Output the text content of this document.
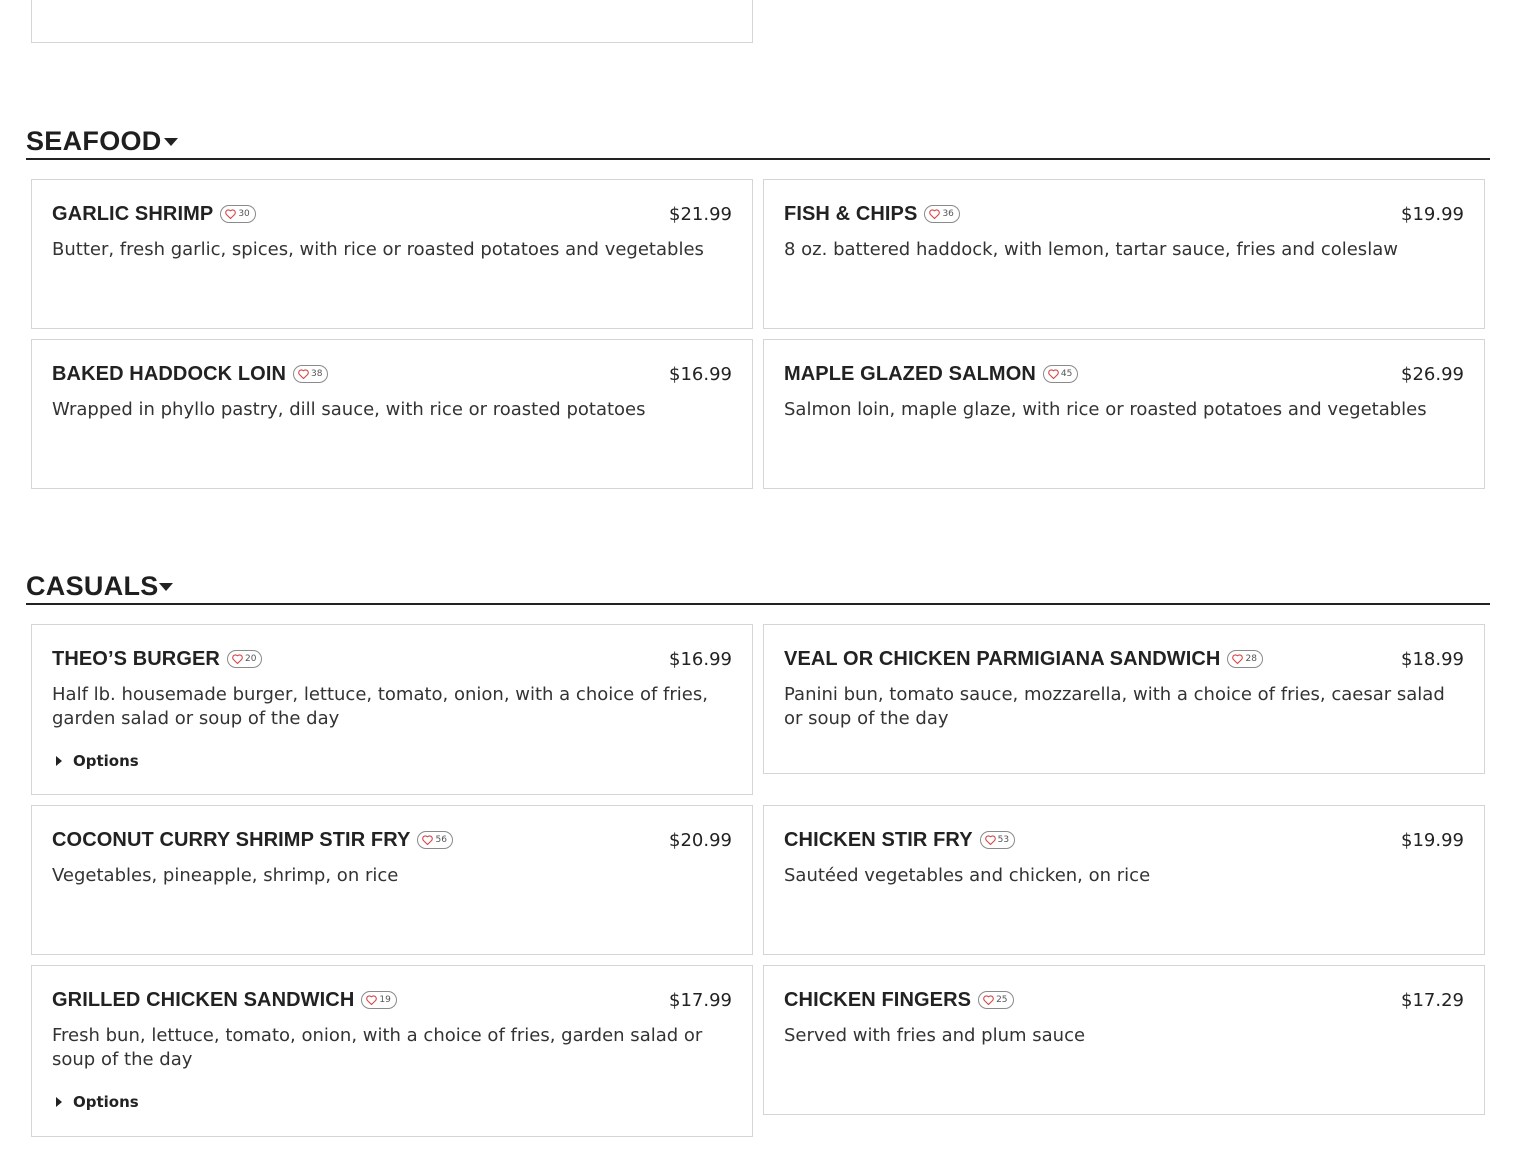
SEAFOOD
GARLIC SHRIMP	30	$21.99
Butter, fresh garlic, spices, with rice or roasted potatoes and vegetables
FISH & CHIPS	36	$19.99
8 oz. battered haddock, with lemon, tartar sauce, fries and coleslaw
BAKED HADDOCK LOIN	38	$16.99
Wrapped in phyllo pastry, dill sauce, with rice or roasted potatoes
MAPLE GLAZED SALMON	45	$26.99
Salmon loin, maple glaze, with rice or roasted potatoes and vegetables
CASUALS
THEO’S BURGER	20	$16.99
Half lb. housemade burger, lettuce, tomato, onion, with a choice of fries, garden salad or soup of the day
Options
VEAL OR CHICKEN PARMIGIANA SANDWICH	28	$18.99
Panini bun, tomato sauce, mozzarella, with a choice of fries, caesar salad or soup of the day
COCONUT CURRY SHRIMP STIR FRY	56	$20.99
Vegetables, pineapple, shrimp, on rice
CHICKEN STIR FRY	53	$19.99
Sautéed vegetables and chicken, on rice
GRILLED CHICKEN SANDWICH	19	$17.99
Fresh bun, lettuce, tomato, onion, with a choice of fries, garden salad or soup of the day
Options
CHICKEN FINGERS	25	$17.29
Served with fries and plum sauce
